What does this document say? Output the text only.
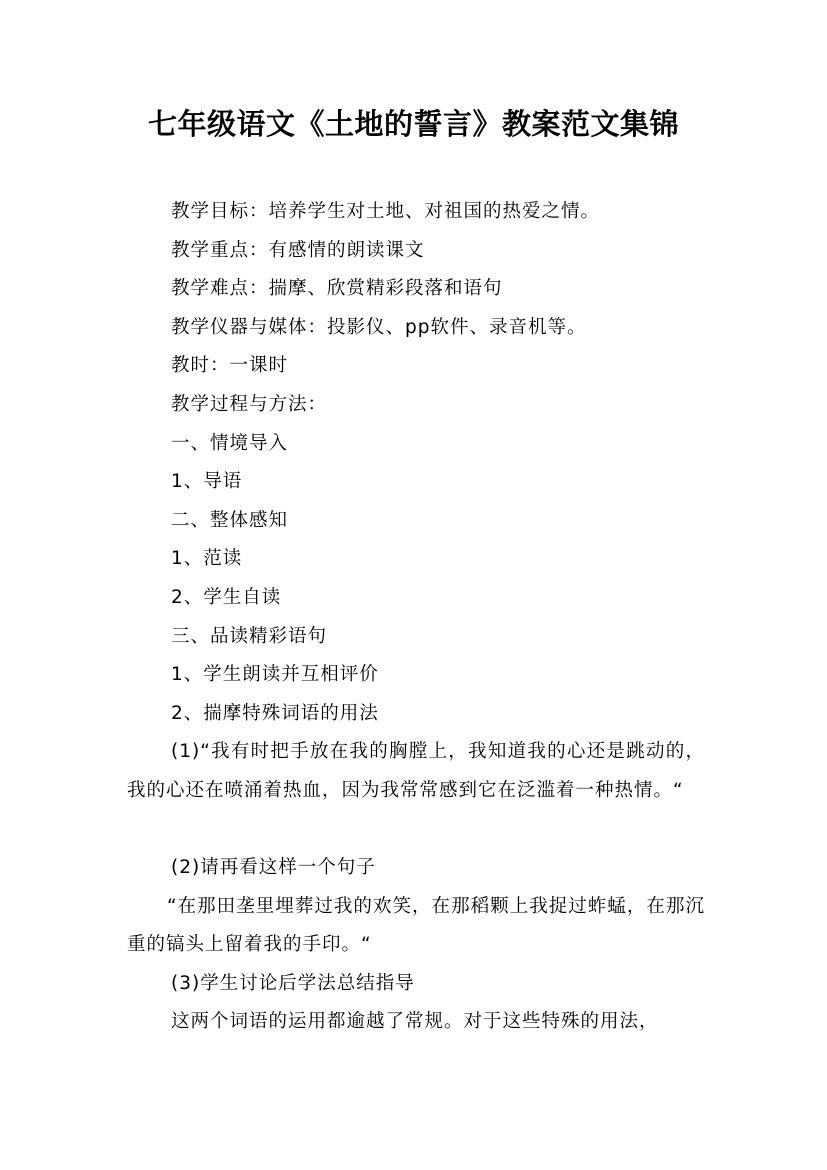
七年级语文《土地的誓言》教案范文集锦

教学目标：培养学生对土地、对祖国的热爱之情。

教学重点：有感情的朗读课文

教学难点：揣摩、欣赏精彩段落和语句

教学仪器与媒体：投影仪、pp软件、录音机等。

教时：一课时

教学过程与方法：

一、情境导入

1、导语

二、整体感知

1、范读

2、学生自读

三、品读精彩语句

1、学生朗读并互相评价

2、揣摩特殊词语的用法

(1)“我有时把手放在我的胸膛上，我知道我的心还是跳动的，我的心还在喷涌着热血，因为我常常感到它在泛滥着一种热情。“

(2)请再看这样一个句子

“在那田垄里埋葬过我的欢笑，在那稻颗上我捉过蚱蜢，在那沉重的镐头上留着我的手印。“

(3)学生讨论后学法总结指导

这两个词语的运用都逾越了常规。对于这些特殊的用法，
